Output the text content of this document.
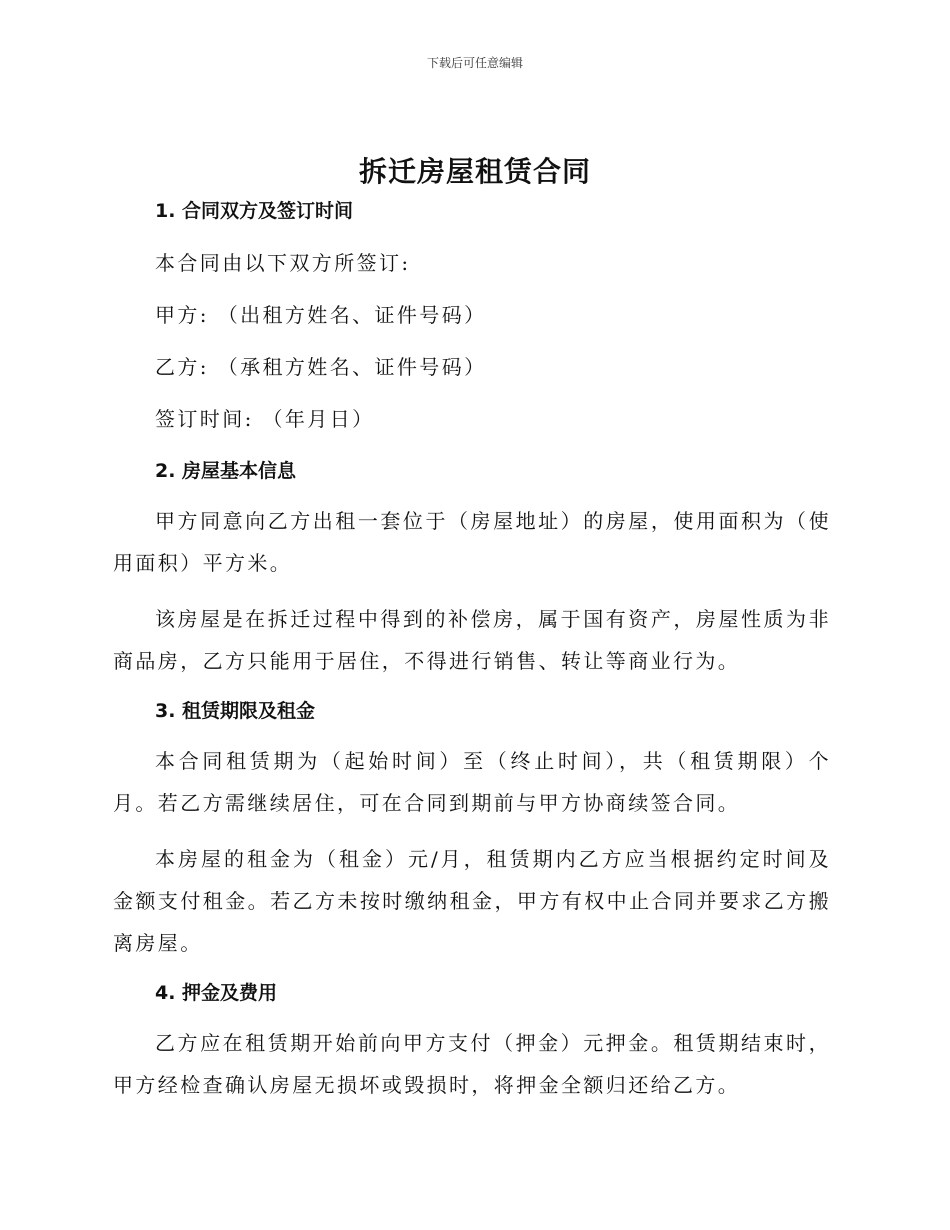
下载后可任意编辑
拆迁房屋租赁合同
1. 合同双方及签订时间
本合同由以下双方所签订:
甲方: （出租方姓名、证件号码）
乙方: （承租方姓名、证件号码）
签订时间: （年月日）
2. 房屋基本信息

甲方同意向乙方出租一套位于（房屋地址）的房屋，使用面积为（使用面积）平方米。

该房屋是在拆迁过程中得到的补偿房，属于国有资产，房屋性质为非商品房，乙方只能用于居住，不得进行销售、转让等商业行为。

3. 租赁期限及租金

本合同租赁期为（起始时间）至（终止时间），共（租赁期限）个月。若乙方需继续居住，可在合同到期前与甲方协商续签合同。

本房屋的租金为（租金）元/月，租赁期内乙方应当根据约定时间及金额支付租金。若乙方未按时缴纳租金，甲方有权中止合同并要求乙方搬离房屋。

4. 押金及费用

乙方应在租赁期开始前向甲方支付（押金）元押金。租赁期结束时，甲方经检查确认房屋无损坏或毁损时，将押金全额归还给乙方。
